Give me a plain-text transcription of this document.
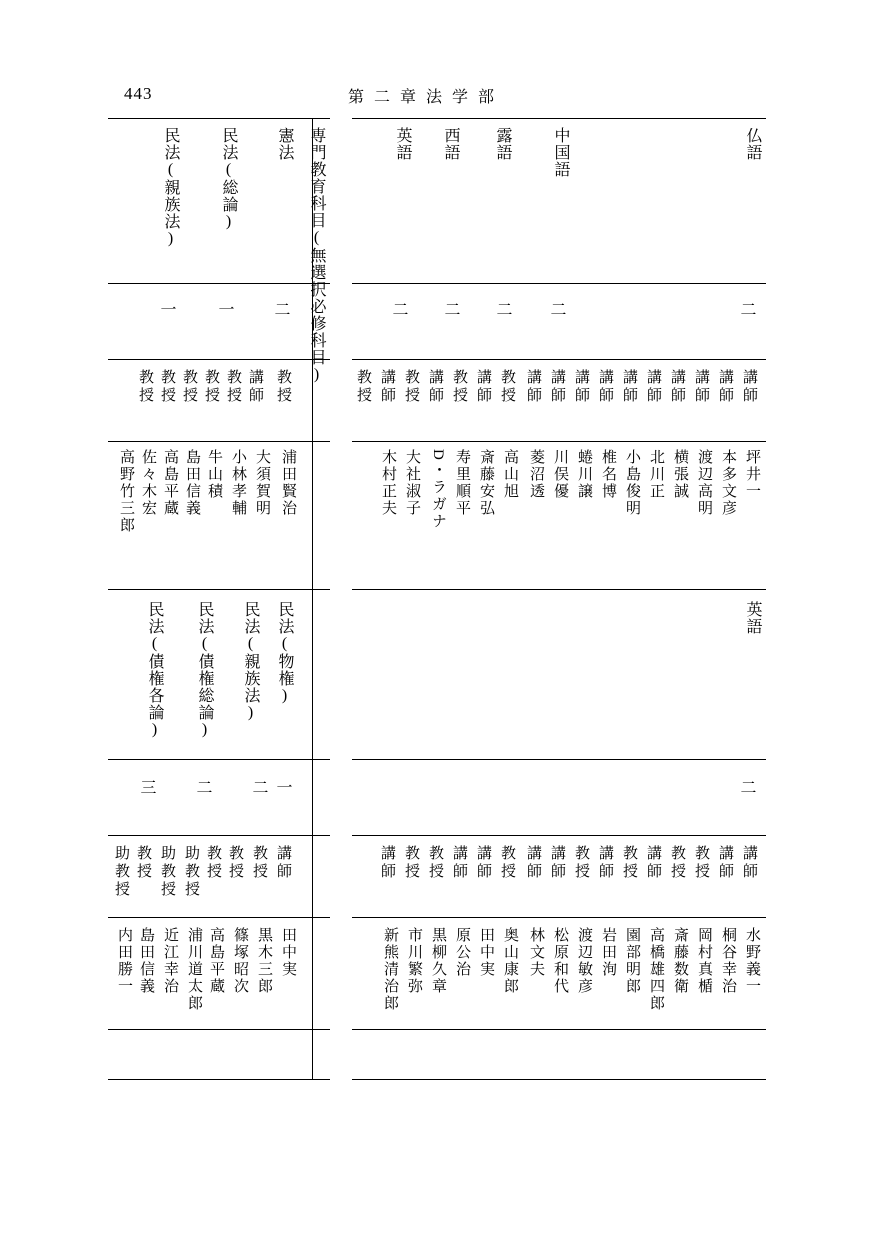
443	第二章法学部
専門教育科目(無選択必修科目)
憲法
民法(総論)
民法(親族法)
二
一
一
教授
講師
教授
教授
教授
教授
教授
浦田賢治
大須賀明
小林孝輔
牛山積
島田信義
高島平蔵
佐々木宏
高野竹三郎
民法(物権)
民法(親族法)
民法(債権総論)
民法(債権各論)
一
二
二
三
講師
教授
教授
教授
助教授
助教授
教授
助教授
田中実
黒木三郎
篠塚昭次
高島平蔵
浦川道太郎
近江幸治
島田信義
内田勝一
仏語
中国語
露語
西語
英語
二
二
二
二
二
講師
講師
講師
講師
講師
講師
講師
講師
講師
講師
教授
講師
教授
講師
教授
講師
教授
坪井一
本多文彦
渡辺高明
横張誠
北川正
小島俊明
椎名博
蜷川譲
川俣優
菱沼透
高山旭
斎藤安弘
寿里順平
D・ラガナ
大社淑子
木村正夫
英語
二
講師
講師
教授
教授
講師
教授
講師
教授
講師
講師
教授
講師
講師
教授
教授
講師
水野義一
桐谷幸治
岡村真楯
斎藤数衛
高橋雄四郎
園部明郎
岩田洵
渡辺敏彦
松原和代
林文夫
奥山康郎
田中実
原公治
黒柳久章
市川繁弥
新熊清治郎
